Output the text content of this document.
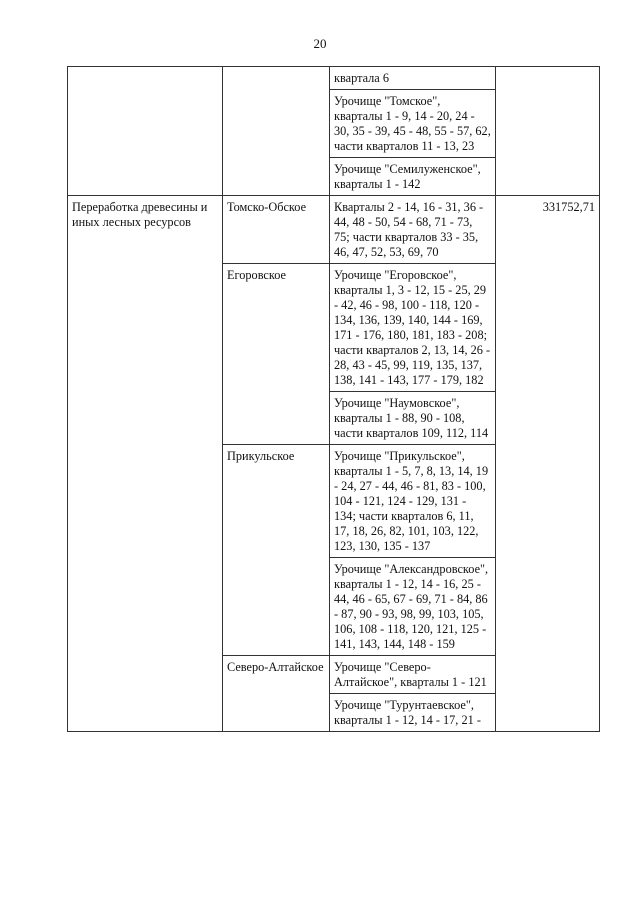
20
		квартала 6	
		Урочище "Томское", кварталы 1 - 9, 14 - 20, 24 - 30, 35 - 39, 45 - 48, 55 - 57, 62, части кварталов 11 - 13, 23	
		Урочище "Семилуженское", кварталы 1 - 142	
Переработка древесины и иных лесных ресурсов	Томско-Обское	Кварталы 2 - 14, 16 - 31, 36 - 44, 48 - 50, 54 - 68, 71 - 73, 75; части кварталов 33 - 35, 46, 47, 52, 53, 69, 70	331752,71
	Егоровское	Урочище "Егоровское", кварталы 1, 3 - 12, 15 - 25, 29 - 42, 46 - 98, 100 - 118, 120 - 134, 136, 139, 140, 144 - 169, 171 - 176, 180, 181, 183 - 208; части кварталов 2, 13, 14, 26 - 28, 43 - 45, 99, 119, 135, 137, 138, 141 - 143, 177 - 179, 182	
		Урочище "Наумовское", кварталы 1 - 88, 90 - 108, части кварталов 109, 112, 114	
	Прикульское	Урочище "Прикульское", кварталы 1 - 5, 7, 8, 13, 14, 19 - 24, 27 - 44, 46 - 81, 83 - 100, 104 - 121, 124 - 129, 131 - 134; части кварталов 6, 11, 17, 18, 26, 82, 101, 103, 122, 123, 130, 135 - 137	
		Урочище "Александровское", кварталы 1 - 12, 14 - 16, 25 - 44, 46 - 65, 67 - 69, 71 - 84, 86 - 87, 90 - 93, 98, 99, 103, 105, 106, 108 - 118, 120, 121, 125 - 141, 143, 144, 148 - 159	
	Северо-Алтайское	Урочище "Северо-Алтайское", кварталы 1 - 121	
		Урочище "Турунтаевское", кварталы 1 - 12, 14 - 17, 21 -	
